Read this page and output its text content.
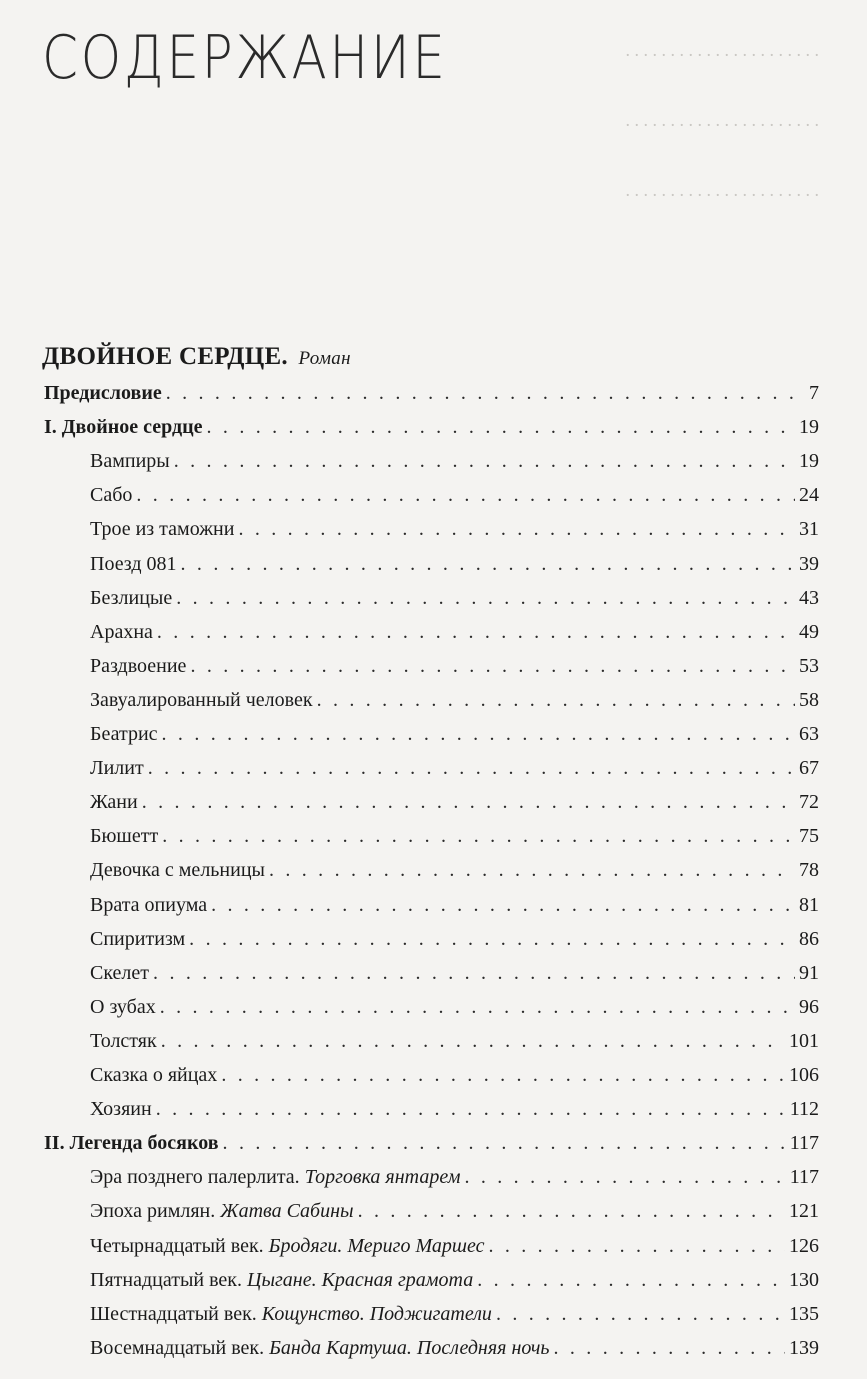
. . . . . . . . . . . . . . . . . . . . . .
. . . . . . . . . . . . . . . . . . . . . .
. . . . . . . . . . . . . . . . . . . . . .
СОДЕРЖАНИЕ
ДВОЙНОЕ СЕРДЦЕ. Роман
Предисловие . . .	7
I. Двойное сердце . . .	19
Вампиры . . .	19
Сабо . . .	24
Трое из таможни . . .	31
Поезд 081 . . .	39
Безлицые . . .	43
Арахна . . .	49
Раздвоение . . .	53
Завуалированный человек . . .	58
Беатрис . . .	63
Лилит . . .	67
Жани . . .	72
Бюшетт . . .	75
Девочка с мельницы . . .	78
Врата опиума . . .	81
Спиритизм . . .	86
Скелет . . .	91
О зубах . . .	96
Толстяк . . .	101
Сказка о яйцах . . .	106
Хозяин . . .	112
II. Легенда босяков . . .	117
Эра позднего палерлита. Торговка янтарем . . .	117
Эпоха римлян. Жатва Сабины . . .	121
Четырнадцатый век. Бродяги. Мериго Маршес . . .	126
Пятнадцатый век. Цыгане. Красная грамота . . .	130
Шестнадцатый век. Кощунство. Поджигатели . . .	135
Восемнадцатый век. Банда Картуша. Последняя ночь . . .	139
